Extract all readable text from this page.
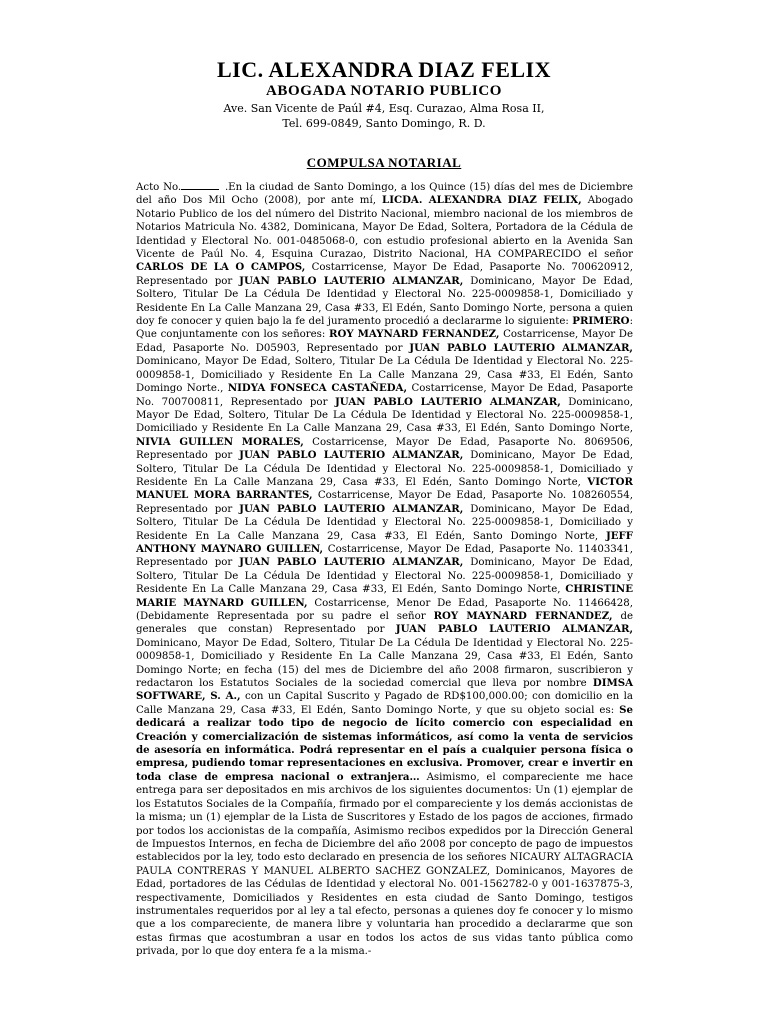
LIC. ALEXANDRA DIAZ FELIX
ABOGADA NOTARIO PUBLICO
Ave. San Vicente de Paúl #4, Esq. Curazao, Alma Rosa II,
Tel. 699-0849, Santo Domingo, R. D.
COMPULSA NOTARIAL

Acto No.	.En la ciudad de Santo Domingo, a los Quince (15) días del mes de Diciembre del año Dos Mil Ocho (2008), por ante mí, LICDA. ALEXANDRA DIAZ FELIX, Abogado Notario Publico de los del número del Distrito Nacional, miembro nacional de los miembros de Notarios Matricula No. 4382, Dominicana, Mayor De Edad, Soltera, Portadora de la Cédula de Identidad y Electoral No. 001-0485068-0, con estudio profesional abierto en la Avenida San Vicente de Paúl No. 4, Esquina Curazao, Distrito Nacional, HA COMPARECIDO el señor CARLOS DE LA O CAMPOS, Costarricense, Mayor De Edad, Pasaporte No. 700620912, Representado por JUAN PABLO LAUTERIO ALMANZAR, Dominicano, Mayor De Edad, Soltero, Titular De La Cédula De Identidad y Electoral No. 225-0009858-1, Domiciliado y Residente En La Calle Manzana 29, Casa #33, El Edén, Santo Domingo Norte, persona a quien doy fe conocer y quien bajo la fe del juramento procedió a declararme lo siguiente: PRIMERO: Que conjuntamente con los señores: ROY MAYNARD FERNANDEZ, Costarricense, Mayor De Edad, Pasaporte No. D05903, Representado por JUAN PABLO LAUTERIO ALMANZAR, Dominicano, Mayor De Edad, Soltero, Titular De La Cédula De Identidad y Electoral No. 225-0009858-1, Domiciliado y Residente En La Calle Manzana 29, Casa #33, El Edén, Santo Domingo Norte., NIDYA FONSECA CASTAÑEDA, Costarricense, Mayor De Edad, Pasaporte No. 700700811, Representado por JUAN PABLO LAUTERIO ALMANZAR, Dominicano, Mayor De Edad, Soltero, Titular De La Cédula De Identidad y Electoral No. 225-0009858-1, Domiciliado y Residente En La Calle Manzana 29, Casa #33, El Edén, Santo Domingo Norte, NIVIA GUILLEN MORALES, Costarricense, Mayor De Edad, Pasaporte No. 8069506, Representado por JUAN PABLO LAUTERIO ALMANZAR, Dominicano, Mayor De Edad, Soltero, Titular De La Cédula De Identidad y Electoral No. 225-0009858-1, Domiciliado y Residente En La Calle Manzana 29, Casa #33, El Edén, Santo Domingo Norte, VICTOR MANUEL MORA BARRANTES, Costarricense, Mayor De Edad, Pasaporte No. 108260554, Representado por JUAN PABLO LAUTERIO ALMANZAR, Dominicano, Mayor De Edad, Soltero, Titular De La Cédula De Identidad y Electoral No. 225-0009858-1, Domiciliado y Residente En La Calle Manzana 29, Casa #33, El Edén, Santo Domingo Norte, JEFF ANTHONY MAYNARO GUILLEN, Costarricense, Mayor De Edad, Pasaporte No. 11403341, Representado por JUAN PABLO LAUTERIO ALMANZAR, Dominicano, Mayor De Edad, Soltero, Titular De La Cédula De Identidad y Electoral No. 225-0009858-1, Domiciliado y Residente En La Calle Manzana 29, Casa #33, El Edén, Santo Domingo Norte, CHRISTINE MARIE MAYNARD GUILLEN, Costarricense, Menor De Edad, Pasaporte No. 11466428, (Debidamente Representada por su padre el señor ROY MAYNARD FERNANDEZ, de generales que constan) Representado por JUAN PABLO LAUTERIO ALMANZAR, Dominicano, Mayor De Edad, Soltero, Titular De La Cédula De Identidad y Electoral No. 225-0009858-1, Domiciliado y Residente En La Calle Manzana 29, Casa #33, El Edén, Santo Domingo Norte; en fecha (15) del mes de Diciembre del año 2008 firmaron, suscribieron y redactaron los Estatutos Sociales de la sociedad comercial que lleva por nombre DIMSA SOFTWARE, S. A., con un Capital Suscrito y Pagado de RD$100,000.00; con domicilio en la Calle Manzana 29, Casa #33, El Edén, Santo Domingo Norte, y que su objeto social es: Se dedicará a realizar todo tipo de negocio de lícito comercio con especialidad en Creación y comercialización de sistemas informáticos, así como la venta de servicios de asesoría en informática. Podrá representar en el país a cualquier persona física o empresa, pudiendo tomar representaciones en exclusiva. Promover, crear e invertir en toda clase de empresa nacional o extranjera… Asimismo, el compareciente me hace entrega para ser depositados en mis archivos de los siguientes documentos: Un (1) ejemplar de los Estatutos Sociales de la Compañía, firmado por el compareciente y los demás accionistas de la misma; un (1) ejemplar de la Lista de Suscritores y Estado de los pagos de acciones, firmado por todos los accionistas de la compañía, Asimismo recibos expedidos por la Dirección General de Impuestos Internos, en fecha de Diciembre del año 2008 por concepto de pago de impuestos establecidos por la ley, todo esto declarado en presencia de los señores NICAURY ALTAGRACIA PAULA CONTRERAS Y MANUEL ALBERTO SACHEZ GONZALEZ, Dominicanos, Mayores de Edad, portadores de las Cédulas de Identidad y electoral No. 001-1562782-0 y 001-1637875-3, respectivamente, Domiciliados y Residentes en esta ciudad de Santo Domingo, testigos instrumentales requeridos por al ley a tal efecto, personas a quienes doy fe conocer y lo mismo que a los compareciente, de manera libre y voluntaria han procedido a declararme que son estas firmas que acostumbran a usar en todos los actos de sus vidas tanto pública como privada, por lo que doy entera fe a la misma.-
